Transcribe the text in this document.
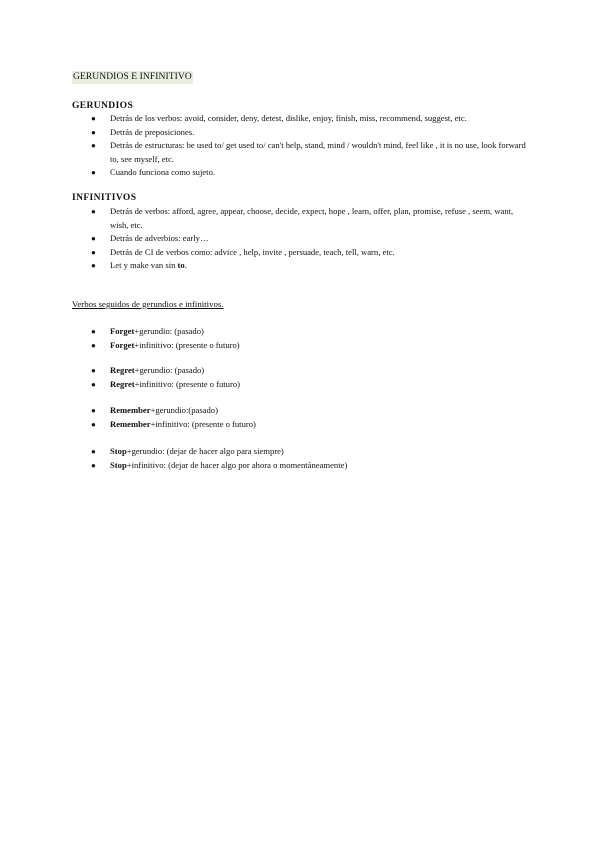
GERUNDIOS E INFINITIVO
GERUNDIOS
● Detrás de los verbos: avoid, consider, deny, detest, dislike, enjoy, finish, miss, recommend, suggest, etc.
● Detrás de preposiciones.
● Detrás de estructuras: be used to/ get used to/ can't help, stand, mind / wouldn't mind, feel like , it is no use, look forward to, see myself, etc.
● Cuando funciona como sujeto.
INFINITIVOS
● Detrás de verbos: afford, agree, appear, choose, decide, expect, hope , learn, offer, plan, promise, refuse , seem, want, wish, etc.
● Detrás de adverbios: early…
● Detrás de CI de verbos como: advice , help, invite , persuade, teach, tell, warn, etc.
● Let y make van sin to.
Verbos seguidos de gerundios e infinitivos.
● Forget+gerundio: (pasado)
● Forget+infinitivo: (presente o futuro)
● Regret+gerundio: (pasado)
● Regret+infinitivo: (presente o futuro)
● Remember+gerundio:(pasado)
● Remember+infinitivo: (presente o futuro)
● Stop+gerundio: (dejar de hacer algo para siempre)
● Stop+infinitivo: (dejar de hacer algo por ahora o momentáneamente)
